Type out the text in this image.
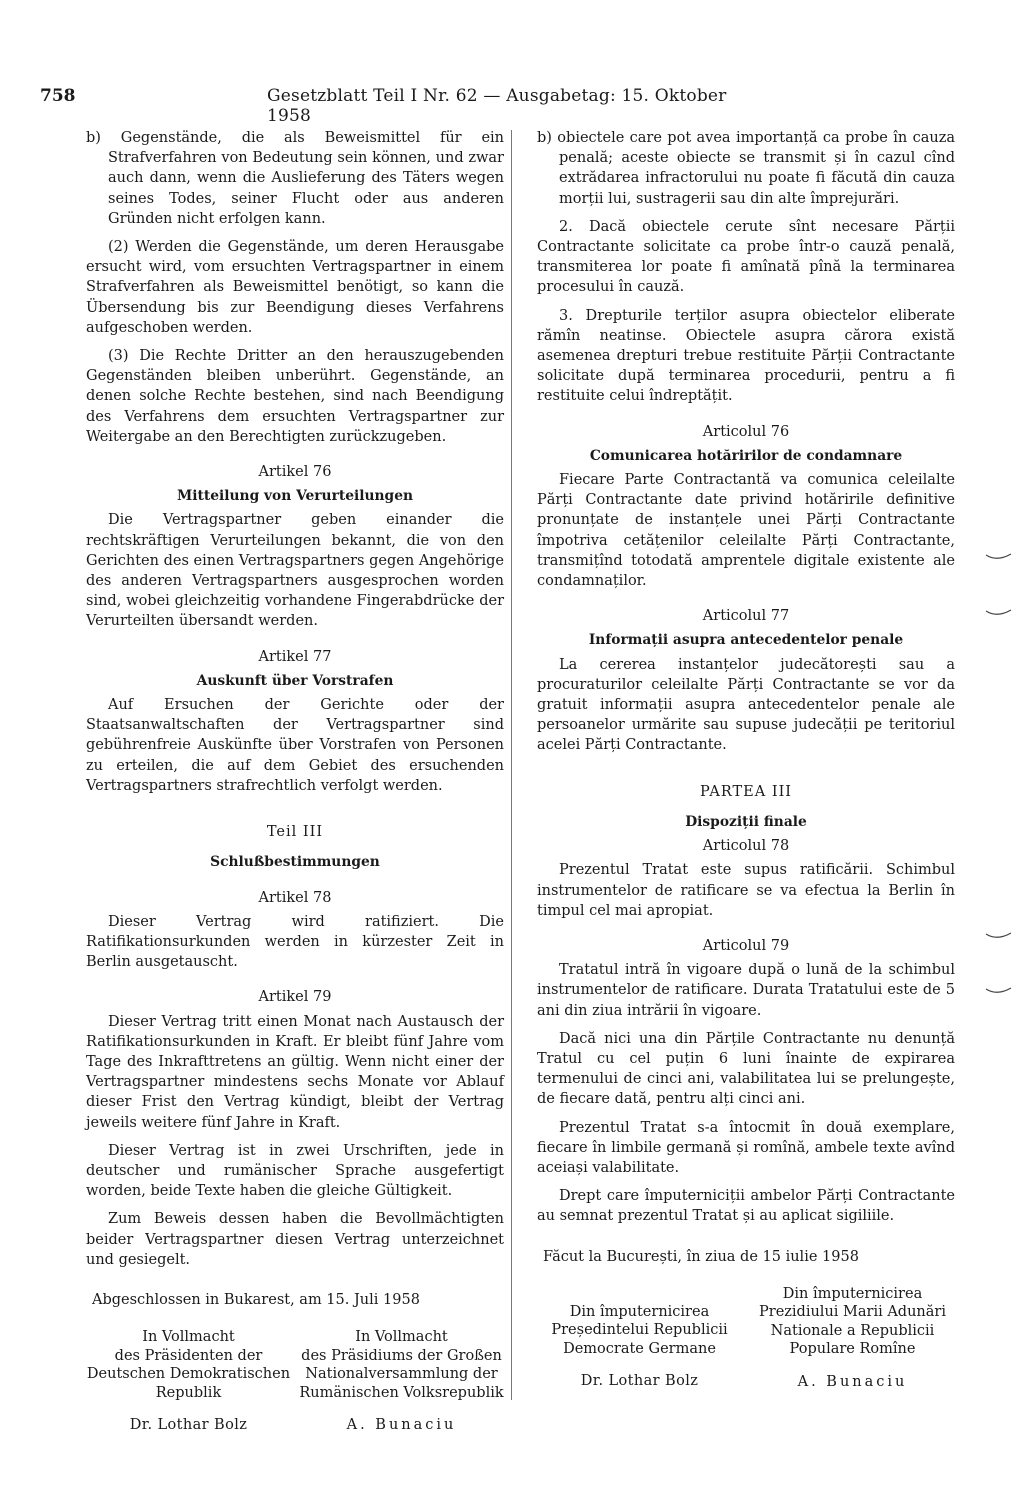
758	Gesetzblatt Teil I Nr. 62 — Ausgabetag: 15. Oktober 1958

b) Gegenstände, die als Beweismittel für ein Strafverfahren von Bedeutung sein können, und zwar auch dann, wenn die Auslieferung des Täters wegen seines Todes, seiner Flucht oder aus anderen Gründen nicht erfolgen kann.

(2) Werden die Gegenstände, um deren Herausgabe ersucht wird, vom ersuchten Vertragspartner in einem Strafverfahren als Beweismittel benötigt, so kann die Übersendung bis zur Beendigung dieses Verfahrens aufgeschoben werden.

(3) Die Rechte Dritter an den herauszugebenden Gegenständen bleiben unberührt. Gegenstände, an denen solche Rechte bestehen, sind nach Beendigung des Verfahrens dem ersuchten Vertragspartner zur Weitergabe an den Berechtigten zurückzugeben.

Artikel 76
Mitteilung von Verurteilungen

Die Vertragspartner geben einander die rechtskräftigen Verurteilungen bekannt, die von den Gerichten des einen Vertragspartners gegen Angehörige des anderen Vertragspartners ausgesprochen worden sind, wobei gleichzeitig vorhandene Fingerabdrücke der Verurteilten übersandt werden.

Artikel 77
Auskunft über Vorstrafen

Auf Ersuchen der Gerichte oder der Staatsanwaltschaften der Vertragspartner sind gebührenfreie Auskünfte über Vorstrafen von Personen zu erteilen, die auf dem Gebiet des ersuchenden Vertragspartners strafrechtlich verfolgt werden.

Teil III
Schlußbestimmungen
Artikel 78

Dieser Vertrag wird ratifiziert. Die Ratifikationsurkunden werden in kürzester Zeit in Berlin ausgetauscht.

Artikel 79

Dieser Vertrag tritt einen Monat nach Austausch der Ratifikationsurkunden in Kraft. Er bleibt fünf Jahre vom Tage des Inkrafttretens an gültig. Wenn nicht einer der Vertragspartner mindestens sechs Monate vor Ablauf dieser Frist den Vertrag kündigt, bleibt der Vertrag jeweils weitere fünf Jahre in Kraft.

Dieser Vertrag ist in zwei Urschriften, jede in deutscher und rumänischer Sprache ausgefertigt worden, beide Texte haben die gleiche Gültigkeit.

Zum Beweis dessen haben die Bevollmächtigten beider Vertragspartner diesen Vertrag unterzeichnet und gesiegelt.

Abgeschlossen in Bukarest, am 15. Juli 1958

In Vollmacht
des Präsidenten der
Deutschen Demokratischen
Republik
Dr. Lothar Bolz
In Vollmacht
des Präsidiums der Großen
Nationalversammlung der
Rumänischen Volksrepublik
A. Bunaciu

b) obiectele care pot avea importanță ca probe în cauza penală; aceste obiecte se transmit și în cazul cînd extrădarea infractorului nu poate fi făcută din cauza morții lui, sustragerii sau din alte împrejurări.

2. Dacă obiectele cerute sînt necesare Părții Contractante solicitate ca probe într-o cauză penală, transmiterea lor poate fi amînată pînă la terminarea procesului în cauză.

3. Drepturile terților asupra obiectelor eliberate rămîn neatinse. Obiectele asupra cărora există asemenea drepturi trebue restituite Părții Contractante solicitate după terminarea procedurii, pentru a fi restituite celui îndreptățit.

Articolul 76
Comunicarea hotăririlor de condamnare

Fiecare Parte Contractantă va comunica celeilalte Părți Contractante date privind hotăririle definitive pronunțate de instanțele unei Părți Contractante împotriva cetățenilor celeilalte Părți Contractante, transmițînd totodată amprentele digitale existente ale condamnaților.

Articolul 77
Informații asupra antecedentelor penale

La cererea instanțelor judecătorești sau a procuraturilor celeilalte Părți Contractante se vor da gratuit informații asupra antecedentelor penale ale persoanelor urmărite sau supuse judecății pe teritoriul acelei Părți Contractante.

PARTEA III
Dispoziții finale
Articolul 78

Prezentul Tratat este supus ratificării. Schimbul instrumentelor de ratificare se va efectua la Berlin în timpul cel mai apropiat.

Articolul 79

Tratatul intră în vigoare după o lună de la schimbul instrumentelor de ratificare. Durata Tratatului este de 5 ani din ziua intrării în vigoare.

Dacă nici una din Părțile Contractante nu denunță Tratul cu cel puțin 6 luni înainte de expirarea termenului de cinci ani, valabilitatea lui se prelungește, de fiecare dată, pentru alți cinci ani.

Prezentul Tratat s-a întocmit în două exemplare, fiecare în limbile germană și romînă, ambele texte avînd aceiași valabilitate.

Drept care împuterniciții ambelor Părți Contractante au semnat prezentul Tratat și au aplicat sigiliile.

Făcut la București, în ziua de 15 iulie 1958

Din împuternicirea
Președintelui Republicii
Democrate Germane
Dr. Lothar Bolz
Din împuternicirea
Prezidiului Marii Adunări
Nationale a Republicii
Populare Romîne
A. Bunaciu
